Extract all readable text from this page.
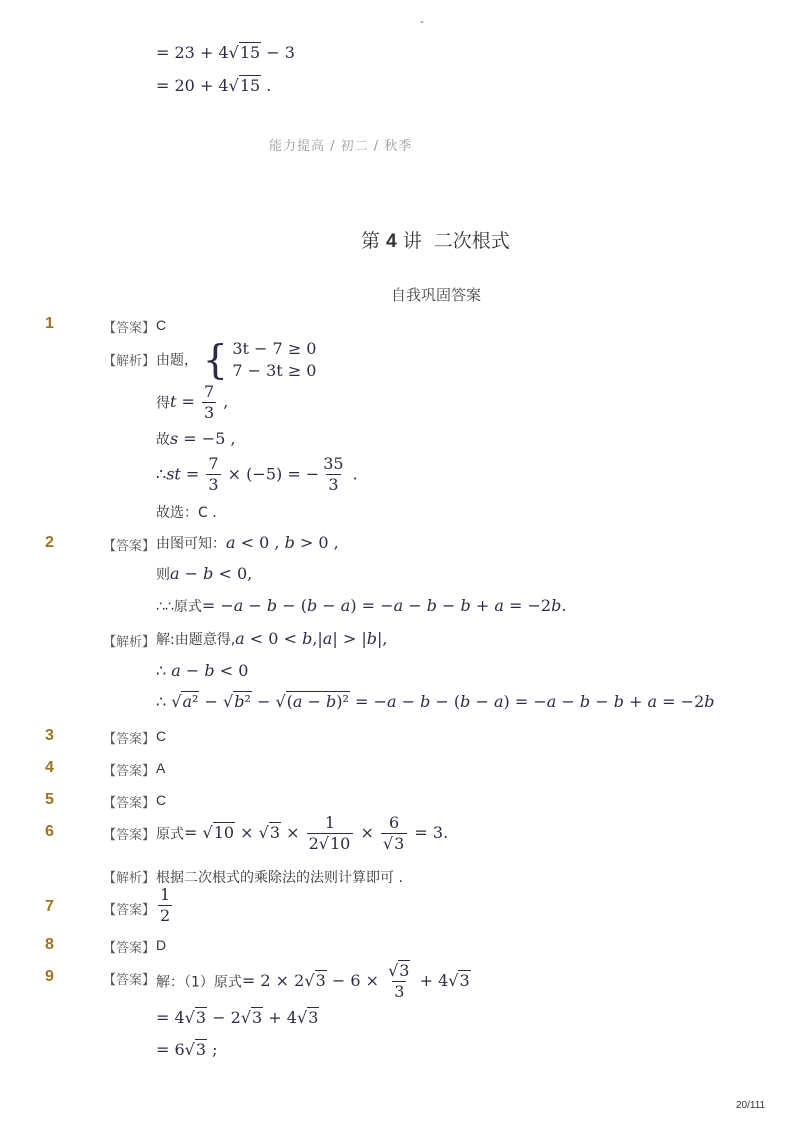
-
= 23 + 4√15 − 3
= 20 + 4√15 .
能力提高 / 初二 / 秋季
第 4 讲 二次根式
自我巩固答案
1	【答案】 C
【解析】 由题， { 3t − 7 ≥ 0
7 − 3t ≥ 0
得$t = \frac{7}{3}$ ,
故s = −5 ,
∴st = $\frac{7}{3} \times (-5)$ = − $\frac{35}{3}$ .
故选：C .
2	【答案】 由图可知：a < 0 , b > 0 ,
则a − b < 0,
∴∴原式= −a − b − (b − a) = −a − b − b + a = −2b.
【解析】 解:由题意得,a < 0 < b,|a| > |b|,
∴ a − b < 0
∴ √a² − √b² − √(a − b)² = −a − b − (b − a) = −a − b − b + a = −2b
3	【答案】 C
4	【答案】 A
5	【答案】 C
6	【答案】 原式= $√10 \times √3 \times \frac{1}{2√10} \times \frac{6}{√3} = 3$.
【解析】 根据二次根式的乘除法的法则计算即可 .
7	【答案】 $\frac{1}{2}$
8	【答案】 D
9	【答案】 解：（1）原式= $2 \times 2√3 - 6 \times \frac{√3}{3} + 4√3$
= 4√3 − 2√3 + 4√3
= 6√3 ;
20/111
